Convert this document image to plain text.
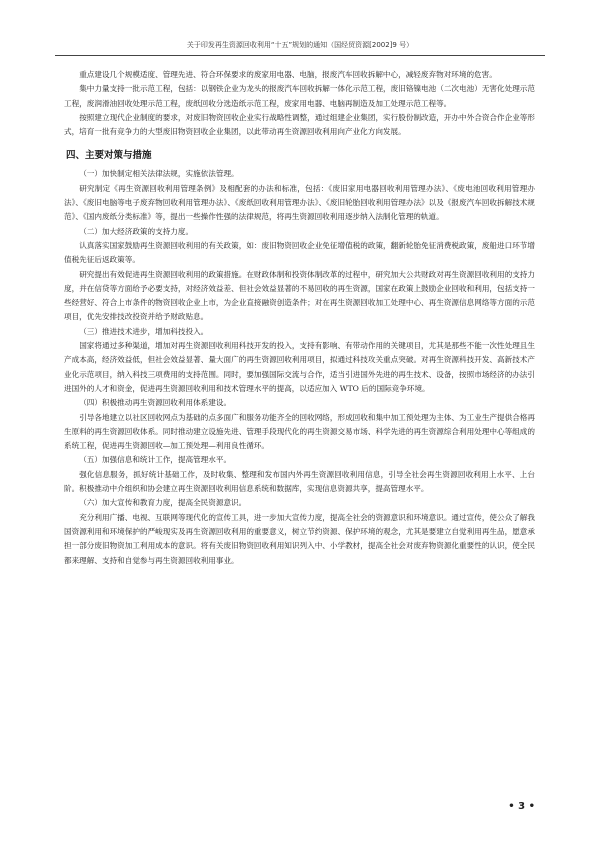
关于印发再生资源回收利用“十五”规划的通知（国经贸资源[2002]9 号）

重点建设几个规模适度、管理先进、符合环保要求的废家用电器、电脑，报废汽车回收拆解中心，减轻废弃物对环境的危害。

集中力量支持一批示范工程，包括：以钢铁企业为龙头的报废汽车回收拆解一体化示范工程，废旧铬镍电池（二次电池）无害化处理示范工程，废润滑油回收处理示范工程，废纸回收分选造纸示范工程，废家用电器、电脑再制造及加工处理示范工程等。

按照建立现代企业制度的要求，对废旧物资回收企业实行战略性调整，通过组建企业集团，实行股份制改造，开办中外合资合作企业等形式，培育一批有竞争力的大型废旧物资回收企业集团，以此带动再生资源回收利用向产业化方向发展。

四、主要对策与措施

（一）加快制定相关法律法规，实施依法管理。

研究制定《再生资源回收利用管理条例》及相配套的办法和标准，包括：《废旧家用电器回收利用管理办法》、《废电池回收利用管理办法》、《废旧电脑等电子废弃物回收利用管理办法》、《废纸回收利用管理办法》、《废旧轮胎回收利用管理办法》以及《报废汽车回收拆解技术规范》、《国内废纸分类标准》等，提出一些操作性强的法律规范，将再生资源回收利用逐步纳入法制化管理的轨道。

（二）加大经济政策的支持力度。

认真落实国家鼓励再生资源回收利用的有关政策，如：废旧物资回收企业免征增值税的政策，翻新轮胎免征消费税政策，废船进口环节增值税先征后返政策等。

研究提出有效促进再生资源回收利用的政策措施。在财政体制和投资体制改革的过程中，研究加大公共财政对再生资源回收利用的支持力度，并在信贷等方面给予必要支持，对经济效益差、但社会效益显著的不易回收的再生资源，国家在政策上鼓励企业回收和利用，包括支持一些经营好、符合上市条件的物资回收企业上市，为企业直接融资创造条件；对在再生资源回收加工处理中心、再生资源信息网络等方面的示范项目，优先安排技改投资并给予财政贴息。

（三）推进技术进步，增加科技投入。

国家将通过多种渠道，增加对再生资源回收利用科技开发的投入，支持有影响、有带动作用的关键项目，尤其是那些不能一次性处理且生产成本高，经济效益低，但社会效益显著、量大面广的再生资源回收利用项目，拟通过科技攻关重点突破。对再生资源科技开发、高新技术产业化示范项目，纳入科技三项费用的支持范围。同时，要加强国际交流与合作，适当引进国外先进的再生技术、设备，按照市场经济的办法引进国外的人才和资金，促进再生资源回收利用和技术管理水平的提高，以适应加入 WTO 后的国际竞争环境。

（四）积极推动再生资源回收利用体系建设。

引导各地建立以社区回收网点为基础的点多面广和服务功能齐全的回收网络，形成回收和集中加工预处理为主体、为工业生产提供合格再生原料的再生资源回收体系。同时推动建立设施先进、管理手段现代化的再生资源交易市场、科学先进的再生资源综合利用处理中心等组成的系统工程，促进再生资源回收—加工预处理—利用良性循环。

（五）加强信息和统计工作，提高管理水平。

强化信息服务，抓好统计基础工作，及时收集、整理和发布国内外再生资源回收利用信息，引导全社会再生资源回收利用上水平、上台阶。积极推动中介组织和协会建立再生资源回收利用信息系统和数据库，实现信息资源共享，提高管理水平。

（六）加大宣传和教育力度，提高全民资源意识。

充分利用广播、电视、互联网等现代化的宣传工具，进一步加大宣传力度，提高全社会的资源意识和环境意识。通过宣传，使公众了解我国资源利用和环境保护的严峻现实及再生资源回收利用的重要意义，树立节约资源、保护环境的观念，尤其是要建立自觉利用再生品，愿意承担一部分废旧物资加工利用成本的意识。将有关废旧物资回收利用知识列入中、小学教材，提高全社会对废弃物资源化重要性的认识，使全民都来理解、支持和自觉参与再生资源回收利用事业。

• 3 •
